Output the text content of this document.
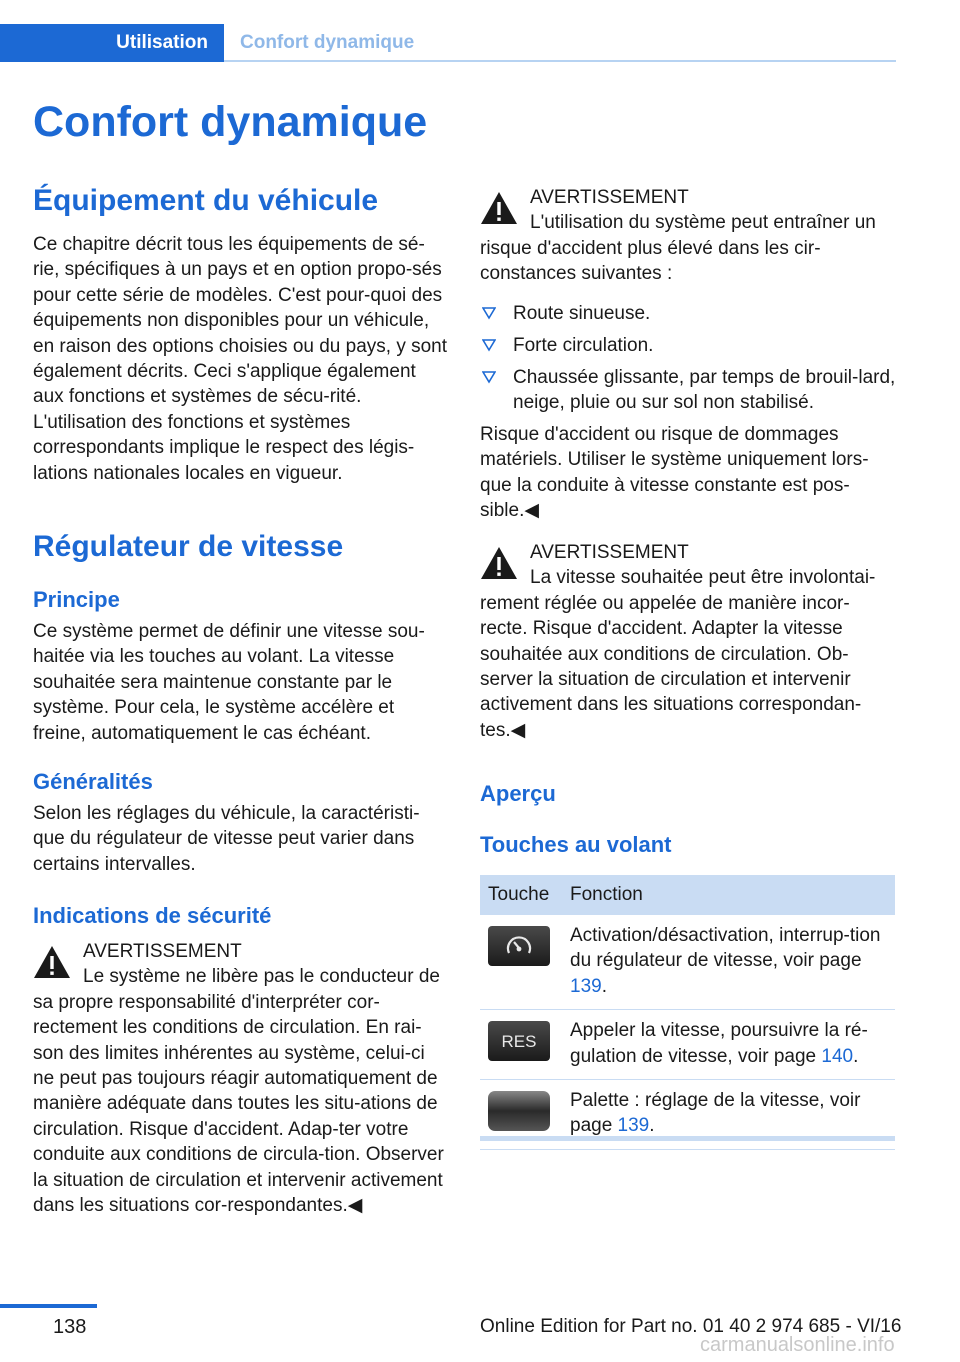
Utilisation	Confort dynamique
Confort dynamique
Équipement du véhicule

Ce chapitre décrit tous les équipements de sé-rie, spécifiques à un pays et en option propo-sés pour cette série de modèles. C'est pour-quoi des équipements non disponibles pour un véhicule, en raison des options choisies ou du pays, y sont également décrits. Ceci s'applique également aux fonctions et systèmes de sécu-rité. L'utilisation des fonctions et systèmes correspondants implique le respect des légis-lations nationales locales en vigueur.

Régulateur de vitesse
Principe

Ce système permet de définir une vitesse sou-haitée via les touches au volant. La vitesse souhaitée sera maintenue constante par le système. Pour cela, le système accélère et freine, automatiquement le cas échéant.

Généralités

Selon les réglages du véhicule, la caractéristi-que du régulateur de vitesse peut varier dans certains intervalles.

Indications de sécurité
AVERTISSEMENT

Le système ne libère pas le conducteur de sa propre responsabilité d'interpréter cor-rectement les conditions de circulation. En rai-son des limites inhérentes au système, celui-ci ne peut pas toujours réagir automatiquement de manière adéquate dans toutes les situ-ations de circulation. Risque d'accident. Adap-ter votre conduite aux conditions de circula-tion. Observer la situation de circulation et intervenir activement dans les situations cor-respondantes.◀

AVERTISSEMENT

L'utilisation du système peut entraîner un risque d'accident plus élevé dans les cir-constances suivantes :

Route sinueuse.
Forte circulation.
Chaussée glissante, par temps de brouil-lard, neige, pluie ou sur sol non stabilisé.

Risque d'accident ou risque de dommages matériels. Utiliser le système uniquement lors-que la conduite à vitesse constante est pos-sible.◀

AVERTISSEMENT

La vitesse souhaitée peut être involontai-rement réglée ou appelée de manière incor-recte. Risque d'accident. Adapter la vitesse souhaitée aux conditions de circulation. Ob-server la situation de circulation et intervenir activement dans les situations correspondan-tes.◀

Aperçu
Touches au volant
Touche	Fonction

	Activation/désactivation, interrup-tion du régulateur de vitesse, voir page 139.

RES	Appeler la vitesse, poursuivre la ré-gulation de vitesse, voir page 140.

	Palette : réglage de la vitesse, voir page 139.
138	Online Edition for Part no. 01 40 2 974 685 - VI/16
carmanualsonline.info
